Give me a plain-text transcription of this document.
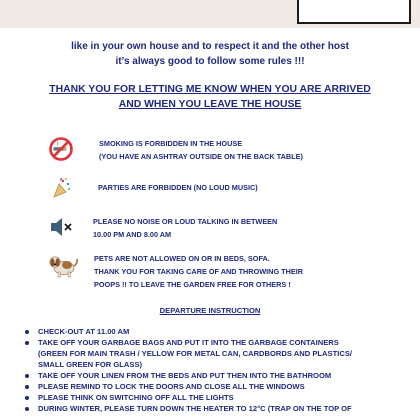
like in your own house and to respect it and the other host
it’s always good to follow some rules !!!
THANK YOU FOR LETTING ME KNOW WHEN YOU ARE ARRIVED
AND WHEN YOU LEAVE THE HOUSE
SMOKING IS FORBIDDEN IN THE HOUSE
(YOU HAVE AN ASHTRAY OUTSIDE ON THE BACK TABLE)
PARTIES ARE FORBIDDEN (NO LOUD MUSIC)
PLEASE NO NOISE OR LOUD TALKING IN BETWEEN
10.00 PM AND 8.00 AM
PETS ARE NOT ALLOWED ON OR IN BEDS, SOFA.
THANK YOU FOR TAKING CARE OF AND THROWING THEIR
POOPS !! TO LEAVE THE GARDEN FREE FOR OTHERS !
DEPARTURE INSTRUCTION
CHECK-OUT AT 11.00 AM
TAKE OFF YOUR GARBAGE BAGS AND PUT IT INTO THE GARBAGE CONTAINERS
(GREEN FOR MAIN TRASH / YELLOW FOR METAL CAN, CARDBORDS AND PLASTICS/
SMALL GREEN FOR GLASS)
TAKE OFF YOUR LINEN FROM THE BEDS AND PUT THEN INTO THE BATHROOM
PLEASE REMIND TO LOCK THE DOORS AND CLOSE ALL THE WINDOWS
PLEASE THINK ON SWITCHING OFF ALL THE LIGHTS
DURING WINTER, PLEASE TURN DOWN THE HEATER TO 12°C (TRAP ON THE TOP OF
